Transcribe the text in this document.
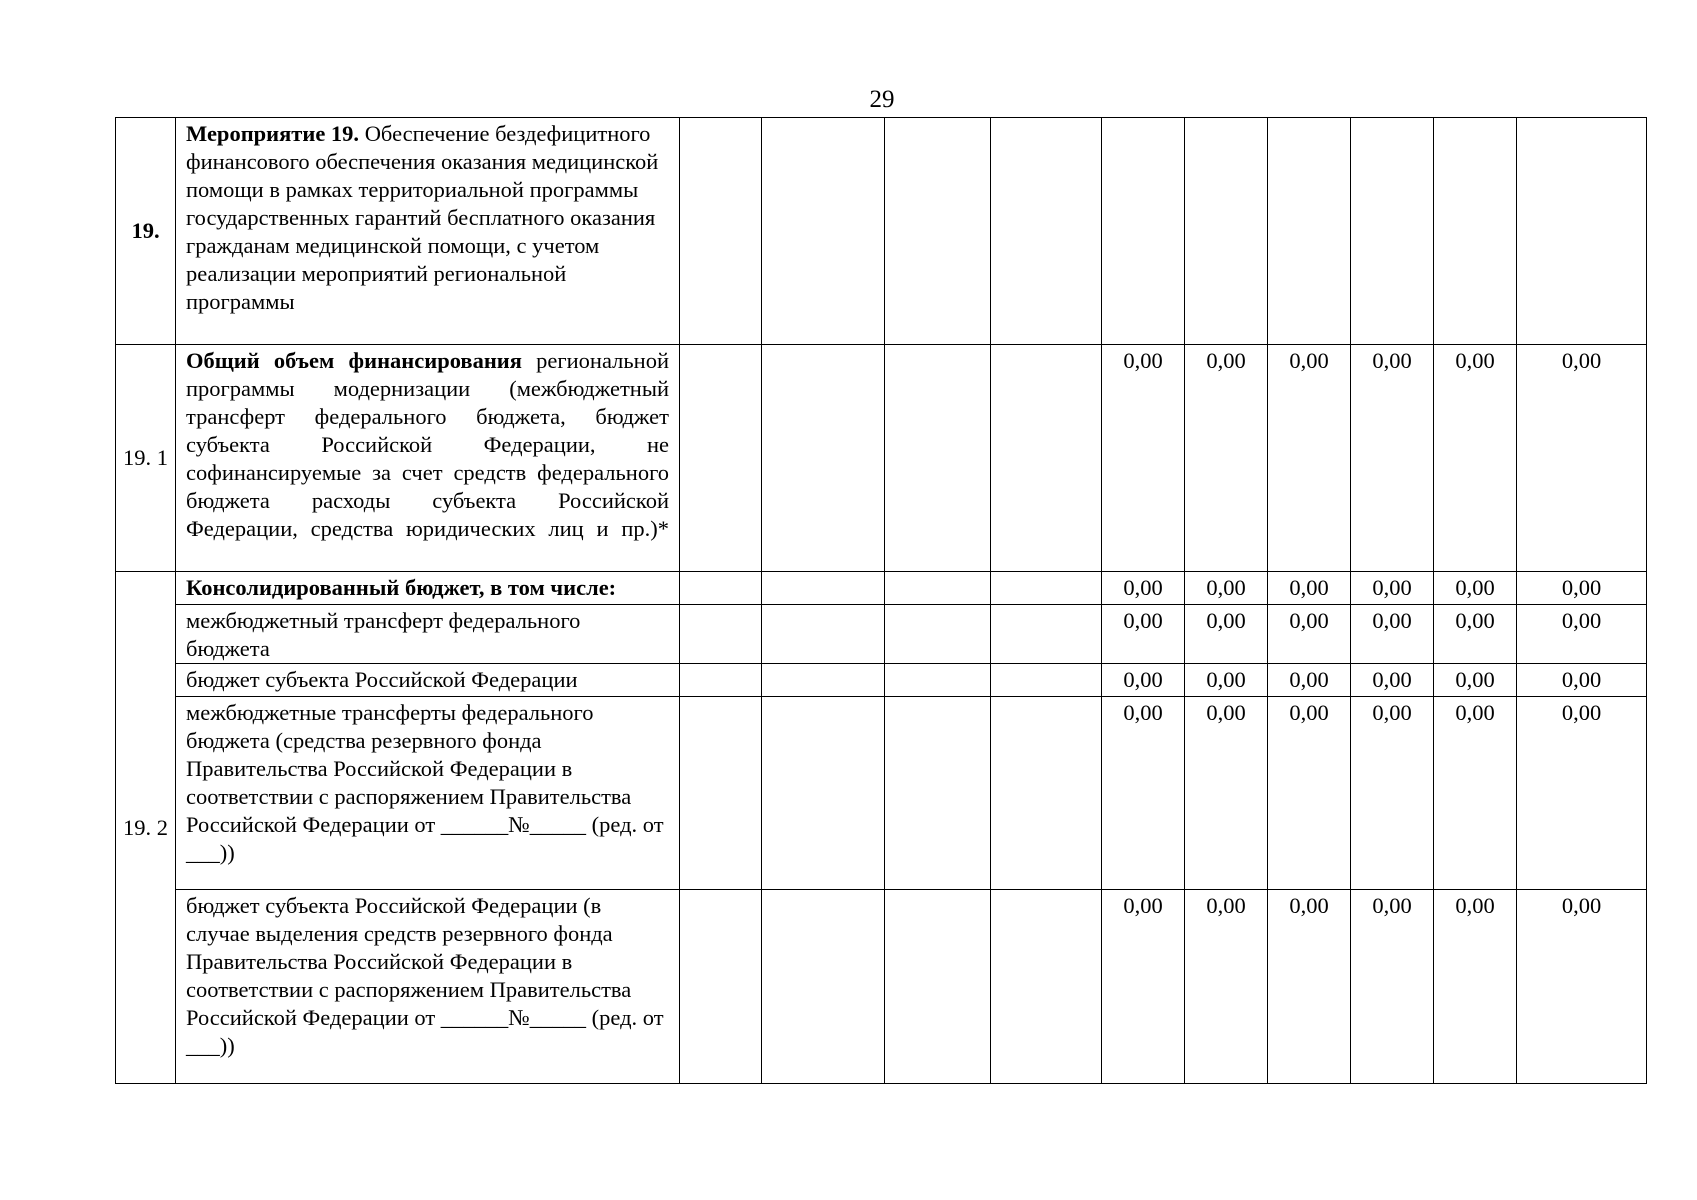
29
19.	Мероприятие 19. Обеспечение бездефицитного финансового обеспечения оказания медицинской помощи в рамках территориальной программы государственных гарантий бесплатного оказания гражданам медицинской помощи, с учетом реализации мероприятий региональной программы										
19. 1	Общий объем финансирования региональной программы модернизации (межбюджетный трансферт федерального бюджета, бюджет субъекта Российской Федерации, не софинансируемые за счет средств федерального бюджета расходы субъекта Российской Федерации, средства юридических лиц и пр.)*					0,00	0,00	0,00	0,00	0,00	0,00
19. 2	Консолидированный бюджет, в том числе:					0,00	0,00	0,00	0,00	0,00	0,00
	межбюджетный трансферт федерального бюджета					0,00	0,00	0,00	0,00	0,00	0,00
	бюджет субъекта Российской Федерации					0,00	0,00	0,00	0,00	0,00	0,00
	межбюджетные трансферты федерального бюджета (средства резервного фонда Правительства Российской Федерации в соответствии с распоряжением Правительства Российской Федерации от ______№_____ (ред. от ___))					0,00	0,00	0,00	0,00	0,00	0,00
	бюджет субъекта Российской Федерации (в случае выделения средств резервного фонда Правительства Российской Федерации в соответствии с распоряжением Правительства Российской Федерации от ______№_____ (ред. от ___))					0,00	0,00	0,00	0,00	0,00	0,00
